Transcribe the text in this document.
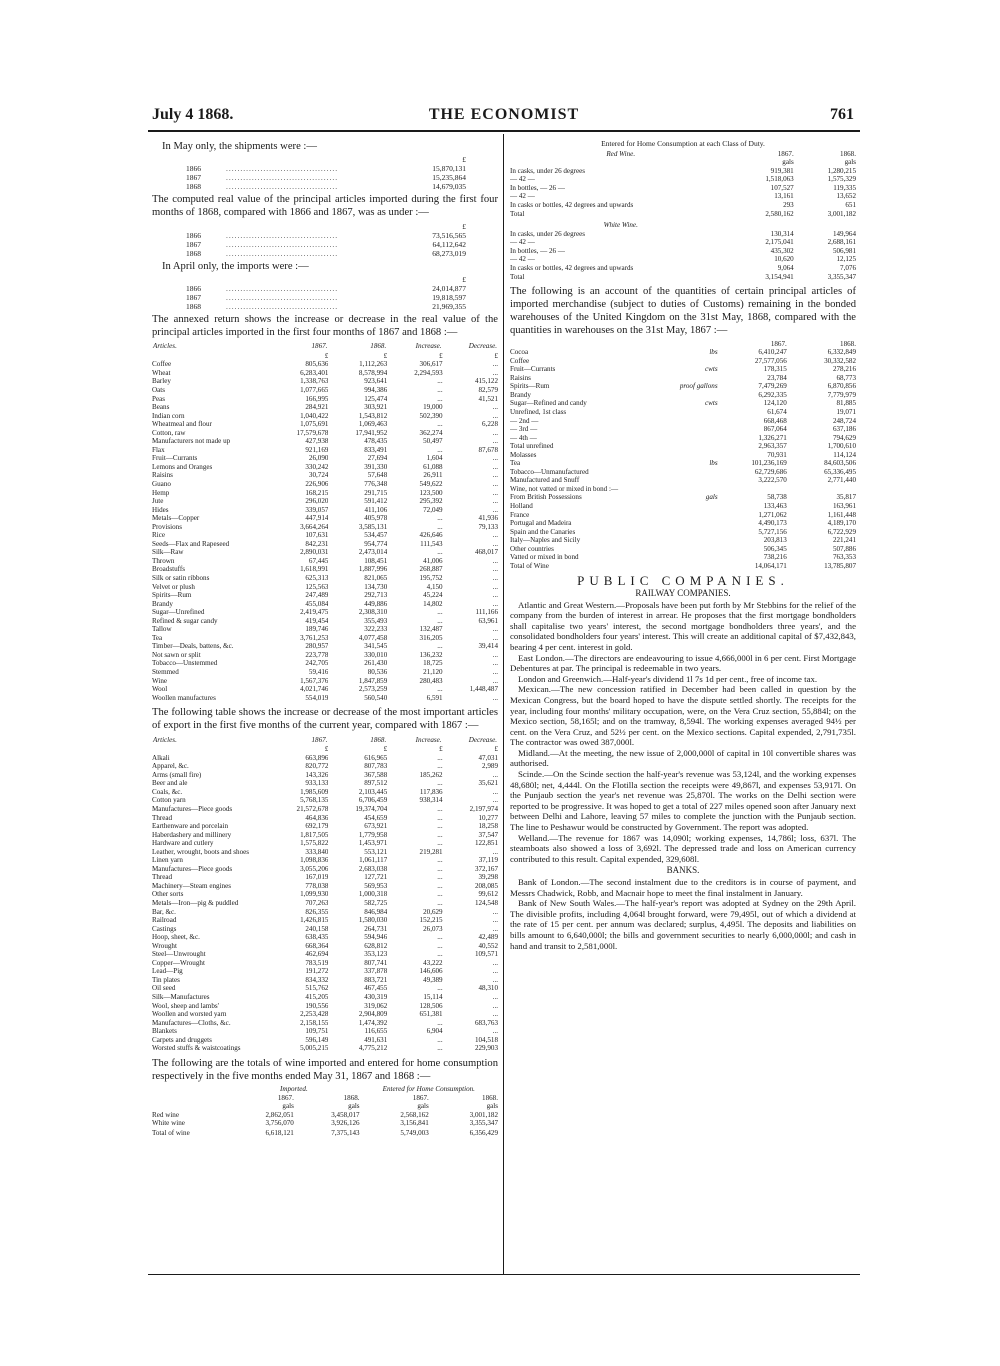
July 4 1868.	THE ECONOMIST	761

In May only, the shipments were :—

		£
1866	.......................................	15,870,131
1867	.......................................	15,235,864
1868	.......................................	14,679,035

The computed real value of the principal articles imported during the first four months of 1868, compared with 1866 and 1867, was as under :—

		£
1866	.......................................	73,516,565
1867	.......................................	64,112,642
1868	.......................................	68,273,019

In April only, the imports were :—

		£
1866	.......................................	24,014,877
1867	.......................................	19,818,597
1868	.......................................	21,969,355

The annexed return shows the increase or decrease in the real value of the principal articles imported in the first four months of 1867 and 1868 :—

Articles.	1867.	1868.	Increase.	Decrease.
	£	£	£	£
Coffee	805,636	1,112,263	306,617	...
Wheat	6,283,401	8,578,994	2,294,593	...
Barley	1,338,763	923,641	...	415,122
Oats	1,077,665	994,386	...	82,579
Peas	166,995	125,474	...	41,521
Beans	284,921	303,921	19,000	...
Indian corn	1,040,422	1,543,812	502,390	...
Wheatmeal and flour	1,075,691	1,069,463	...	6,228
Cotton, raw	17,579,678	17,941,952	362,274	...
Manufacturers not made up	427,938	478,435	50,497	...
Flax	921,169	833,491	...	87,678
Fruit—Currants	26,090	27,694	1,604	...
Lemons and Oranges	330,242	391,330	61,088	...
Raisins	30,724	57,648	26,911	...
Guano	226,906	776,348	549,622	...
Hemp	168,215	291,715	123,500	...
Jute	296,020	591,412	295,392	...
Hides	339,057	411,106	72,049	...
Metals—Copper	447,914	405,978	...	41,936
Provisions	3,664,264	3,585,131	...	79,133
Rice	107,631	534,457	426,646	...
Seeds—Flax and Rapeseed	842,231	954,774	111,543	...
Silk—Raw	2,890,031	2,473,014	...	468,017
Thrown	67,445	108,451	41,006	...
Broadstuffs	1,618,991	1,887,996	268,887	...
Silk or satin ribbons	625,313	821,065	195,752	...
Velvet or plush	125,563	134,730	4,150	...
Spirits—Rum	247,489	292,713	45,224	...
Brandy	455,084	449,886	14,802	...
Sugar—Unrefined	2,419,475	2,308,310	...	111,166
Refined & sugar candy	419,454	355,493	...	63,961
Tallow	189,746	322,233	132,487	...
Tea	3,761,253	4,077,458	316,205	...
Timber—Deals, battens, &c.	280,957	341,545	...	39,414
Not sawn or split	223,778	330,010	136,232	...
Tobacco—Unstemmed	242,705	261,430	18,725	...
Stemmed	59,416	80,536	21,120	...
Wine	1,567,376	1,847,859	280,483	...
Wool	4,021,746	2,573,259	...	1,448,487
Woollen manufactures	554,019	560,540	6,591	...

The following table shows the increase or decrease of the most important articles of export in the first five months of the current year, compared with 1867 :—

Articles.	1867.	1868.	Increase.	Decrease.
	£	£	£	£
Alkali	663,896	616,965	...	47,031
Apparel, &c.	820,772	807,783	...	2,989
Arms (small fire)	143,326	367,588	185,262	...
Beer and ale	933,133	897,512	...	35,621
Coals, &c.	1,985,609	2,103,445	117,836	...
Cotton yarn	5,768,135	6,706,459	938,314	...
Manufactures—Piece goods	21,572,678	19,374,704	...	2,197,974
Thread	464,836	454,659	...	10,277
Earthenware and porcelain	692,179	673,921	...	18,258
Haberdashery and millinery	1,817,505	1,779,958	...	37,547
Hardware and cutlery	1,575,822	1,453,971	...	122,851
Leather, wrought, boots and shoes	333,840	553,121	219,281	...
Linen yarn	1,098,836	1,061,117	...	37,119
Manufactures—Piece goods	3,055,206	2,683,038	...	372,167
Thread	167,019	127,721	...	39,298
Machinery—Steam engines	778,038	569,953	...	208,085
Other sorts	1,099,930	1,000,318	...	99,612
Metals—Iron—pig & puddled	707,263	582,725	...	124,548
Bar, &c.	826,355	846,984	20,629	...
Railroad	1,426,815	1,580,030	152,215	...
Castings	240,158	264,731	26,073	...
Hoop, sheet, &c.	638,435	594,946	...	42,489
Wrought	668,364	628,812	...	40,552
Steel—Unwrought	462,694	353,123	...	109,571
Copper—Wrought	783,519	807,741	43,222	...
Lead—Pig	191,272	337,878	146,606	...
Tin plates	834,332	883,721	49,389	...
Oil seed	515,762	467,455	...	48,310
Silk—Manufactures	415,205	430,319	15,114	...
Wool, sheep and lambs'	190,556	319,062	128,506	...
Woollen and worsted yarn	2,253,428	2,904,809	651,381	...
Manufactures—Cloths, &c.	2,158,155	1,474,392	...	683,763
Blankets	109,751	116,655	6,904	...
Carpets and druggets	596,149	491,631	...	104,518
Worsted stuffs & waistcoatings	5,005,215	4,775,212	...	229,903

The following are the totals of wine imported and entered for home consumption respectively in the five months ended May 31, 1867 and 1868 :—

	Imported.		Entered for Home Consumption.	
	1867.	1868.	1867.	1868.
	gals	gals	gals	gals
Red wine	2,862,051	3,458,017	2,568,162	3,001,182
White wine	3,756,070	3,926,126	3,156,841	3,355,347
Total of wine	6,618,121	7,375,143	5,749,003	6,356,429

Entered for Home Consumption at each Class of Duty.

Red Wine.	1867.	1868.
	gals	gals
In casks, under 26 degrees	919,381	1,280,215
— 42 —	1,518,063	1,575,329
In bottles, — 26 —	107,527	119,335
— 42 —	13,161	13,652
In casks or bottles, 42 degrees and upwards	293	651
Total	2,580,162	3,001,182
White Wine.		
In casks, under 26 degrees	130,314	149,964
— 42 —	2,175,041	2,688,161
In bottles, — 26 —	435,302	506,981
— 42 —	10,620	12,125
In casks or bottles, 42 degrees and upwards	9,064	7,076
Total	3,154,941	3,355,347

The following is an account of the quantities of certain principal articles of imported merchandise (subject to duties of Customs) remaining in the bonded warehouses of the United Kingdom on the 31st May, 1868, compared with the quantities in warehouses on the 31st May, 1867 :—

		1867.	1868.
Cocoa	lbs	6,410,247	6,332,849
Coffee		27,577,056	30,332,582
Fruit—Currants	cwts	178,315	278,216
Raisins		23,784	68,773
Spirits—Rum	proof gallons	7,479,269	6,870,856
Brandy		6,292,335	7,779,979
Sugar—Refined and candy	cwts	124,120	81,885
Unrefined, 1st class		61,674	19,071
— 2nd —		668,468	248,724
— 3rd —		867,064	637,186
— 4th —		1,326,271	794,629
Total unrefined		2,963,357	1,700,610
Molasses		70,931	114,124
Tea	lbs	101,236,169	84,603,506
Tobacco—Unmanufactured		62,729,686	65,336,495
Manufactured and Snuff		3,222,570	2,771,440
Wine, not vatted or mixed in bond :—			
From British Possessions	gals	58,738	35,817
Holland		133,463	163,961
France		1,271,062	1,161,448
Portugal and Madeira		4,490,173	4,189,170
Spain and the Canaries		5,727,156	6,722,929
Italy—Naples and Sicily		203,813	221,241
Other countries		506,345	507,886
Vatted or mixed in bond		738,216	763,353
Total of Wine		14,064,171	13,785,807

PUBLIC COMPANIES.

RAILWAY COMPANIES.

Atlantic and Great Western.—Proposals have been put forth by Mr Stebbins for the relief of the company from the burden of interest in arrear. He proposes that the first mortgage bondholders shall capitalise two years' interest, the second mortgage bondholders three years', and the consolidated bondholders four years' interest. This will create an additional capital of $7,432,843, bearing 4 per cent. interest in gold.

East London.—The directors are endeavouring to issue 4,666,000l in 6 per cent. First Mortgage Debentures at par. The principal is redeemable in two years.

London and Greenwich.—Half-year's dividend 1l 7s 1d per cent., free of income tax.

Mexican.—The new concession ratified in December had been called in question by the Mexican Congress, but the board hoped to have the dispute settled shortly. The receipts for the year, including four months' military occupation, were, on the Vera Cruz section, 55,884l; on the Mexico section, 58,165l; and on the tramway, 8,594l. The working expenses averaged 94½ per cent. on the Vera Cruz, and 52½ per cent. on the Mexico sections. Capital expended, 2,791,735l. The contractor was owed 387,000l.

Midland.—At the meeting, the new issue of 2,000,000l of capital in 10l convertible shares was authorised.

Scinde.—On the Scinde section the half-year's revenue was 53,124l, and the working expenses 48,680l; net, 4,444l. On the Flotilla section the receipts were 49,867l, and expenses 53,917l. On the Punjaub section the year's net revenue was 25,870l. The works on the Delhi section were reported to be progressive. It was hoped to get a total of 227 miles opened soon after January next between Delhi and Lahore, leaving 57 miles to complete the junction with the Punjaub section. The line to Peshawur would be constructed by Government. The report was adopted.

Welland.—The revenue for 1867 was 14,090l; working expenses, 14,786l; loss, 637l. The steamboats also showed a loss of 3,692l. The depressed trade and loss on American currency contributed to this result. Capital expended, 329,608l.

BANKS.

Bank of London.—The second instalment due to the creditors is in course of payment, and Messrs Chadwick, Robb, and Macnair hope to meet the final instalment in January.

Bank of New South Wales.—The half-year's report was adopted at Sydney on the 29th April. The divisible profits, including 4,064l brought forward, were 79,495l, out of which a dividend at the rate of 15 per cent. per annum was declared; surplus, 4,495l. The deposits and liabilities on bills amount to 6,640,000l; the bills and government securities to nearly 6,000,000l; and cash in hand and transit to 2,581,000l.
